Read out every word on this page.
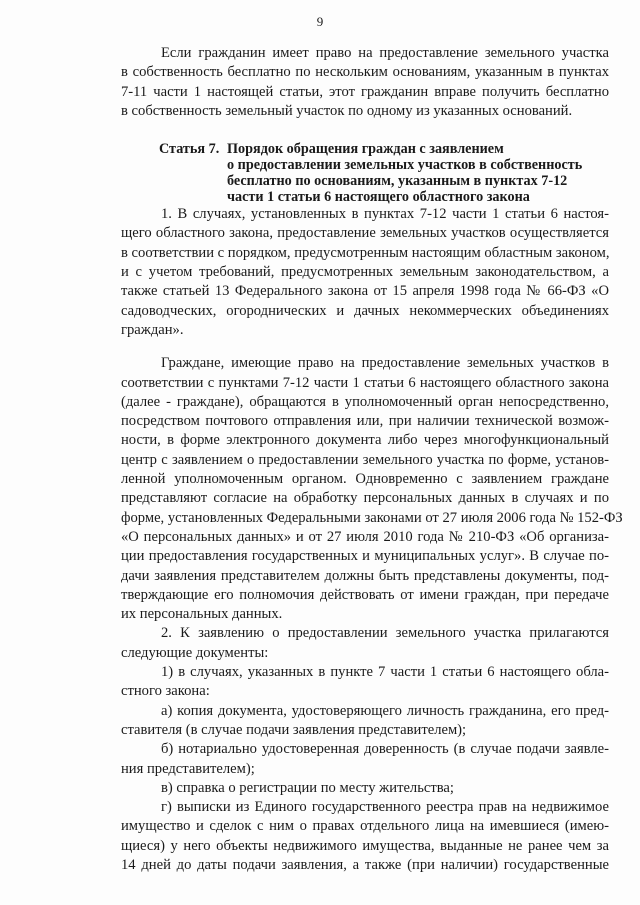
9
Если гражданин имеет право на предоставление земельного участка
в собственность бесплатно по нескольким основаниям, указанным в пунктах
7-11 части 1 настоящей статьи, этот гражданин вправе получить бесплатно
в собственность земельный участок по одному из указанных оснований.
Статья 7. Порядок обращения граждан с заявлением
о предоставлении земельных участков в собственность
бесплатно по основаниям, указанным в пунктах 7-12
части 1 статьи 6 настоящего областного закона
1. В случаях, установленных в пунктах 7-12 части 1 статьи 6 настоя-
щего областного закона, предоставление земельных участков осуществляется
в соответствии с порядком, предусмотренным настоящим областным законом,
и с учетом требований, предусмотренных земельным законодательством, а
также статьей 13 Федерального закона от 15 апреля 1998 года № 66-ФЗ «О
садоводческих, огороднических и дачных некоммерческих объединениях
граждан».
Граждане, имеющие право на предоставление земельных участков в
соответствии с пунктами 7-12 части 1 статьи 6 настоящего областного закона
(далее - граждане), обращаются в уполномоченный орган непосредственно,
посредством почтового отправления или, при наличии технической возмож-
ности, в форме электронного документа либо через многофункциональный
центр с заявлением о предоставлении земельного участка по форме, установ-
ленной уполномоченным органом. Одновременно с заявлением граждане
представляют согласие на обработку персональных данных в случаях и по
форме, установленных Федеральными законами от 27 июля 2006 года № 152-ФЗ
«О персональных данных» и от 27 июля 2010 года № 210-ФЗ «Об организа-
ции предоставления государственных и муниципальных услуг». В случае по-
дачи заявления представителем должны быть представлены документы, под-
тверждающие его полномочия действовать от имени граждан, при передаче
их персональных данных.
2. К заявлению о предоставлении земельного участка прилагаются
следующие документы:
1) в случаях, указанных в пункте 7 части 1 статьи 6 настоящего обла-
стного закона:
а) копия документа, удостоверяющего личность гражданина, его пред-
ставителя (в случае подачи заявления представителем);
б) нотариально удостоверенная доверенность (в случае подачи заявле-
ния представителем);
в) справка о регистрации по месту жительства;
г) выписки из Единого государственного реестра прав на недвижимое
имущество и сделок с ним о правах отдельного лица на имевшиеся (имею-
щиеся) у него объекты недвижимого имущества, выданные не ранее чем за
14 дней до даты подачи заявления, а также (при наличии) государственные
